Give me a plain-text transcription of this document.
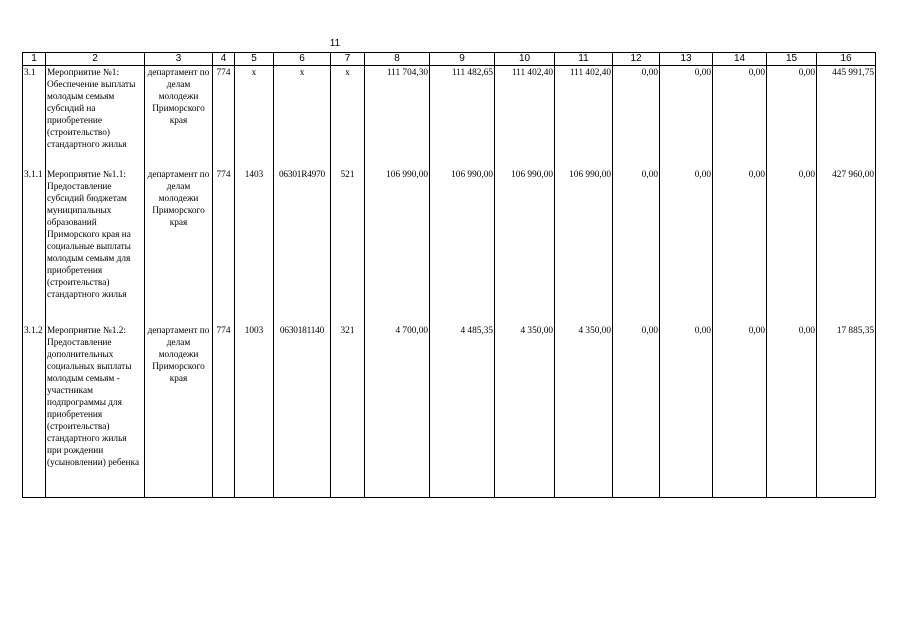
11
1	2	3	4	5	6	7	8	9	10	11	12	13	14	15	16
3.1	Мероприятие №1: Обеспечение выплаты молодым семьям субсидий на приобретение (строительство) стандартного жилья	департамент по делам молодежи Приморского края	774	x	x	x	111 704,30	111 482,65	111 402,40	111 402,40	0,00	0,00	0,00	0,00	445 991,75
3.1.1	Мероприятие №1.1: Предоставление субсидий бюджетам муниципальных образований Приморского края на социальные выплаты молодым семьям для приобретения (строительства) стандартного жилья	департамент по делам молодежи Приморского края	774	1403	06301R4970	521	106 990,00	106 990,00	106 990,00	106 990,00	0,00	0,00	0,00	0,00	427 960,00
3.1.2	Мероприятие №1.2: Предоставление дополнительных социальных выплаты молодым семьям - участникам подпрограммы для приобретения (строительства) стандартного жилья при рождении (усыновлении) ребенка	департамент по делам молодежи Приморского края	774	1003	0630181140	321	4 700,00	4 485,35	4 350,00	4 350,00	0,00	0,00	0,00	0,00	17 885,35
